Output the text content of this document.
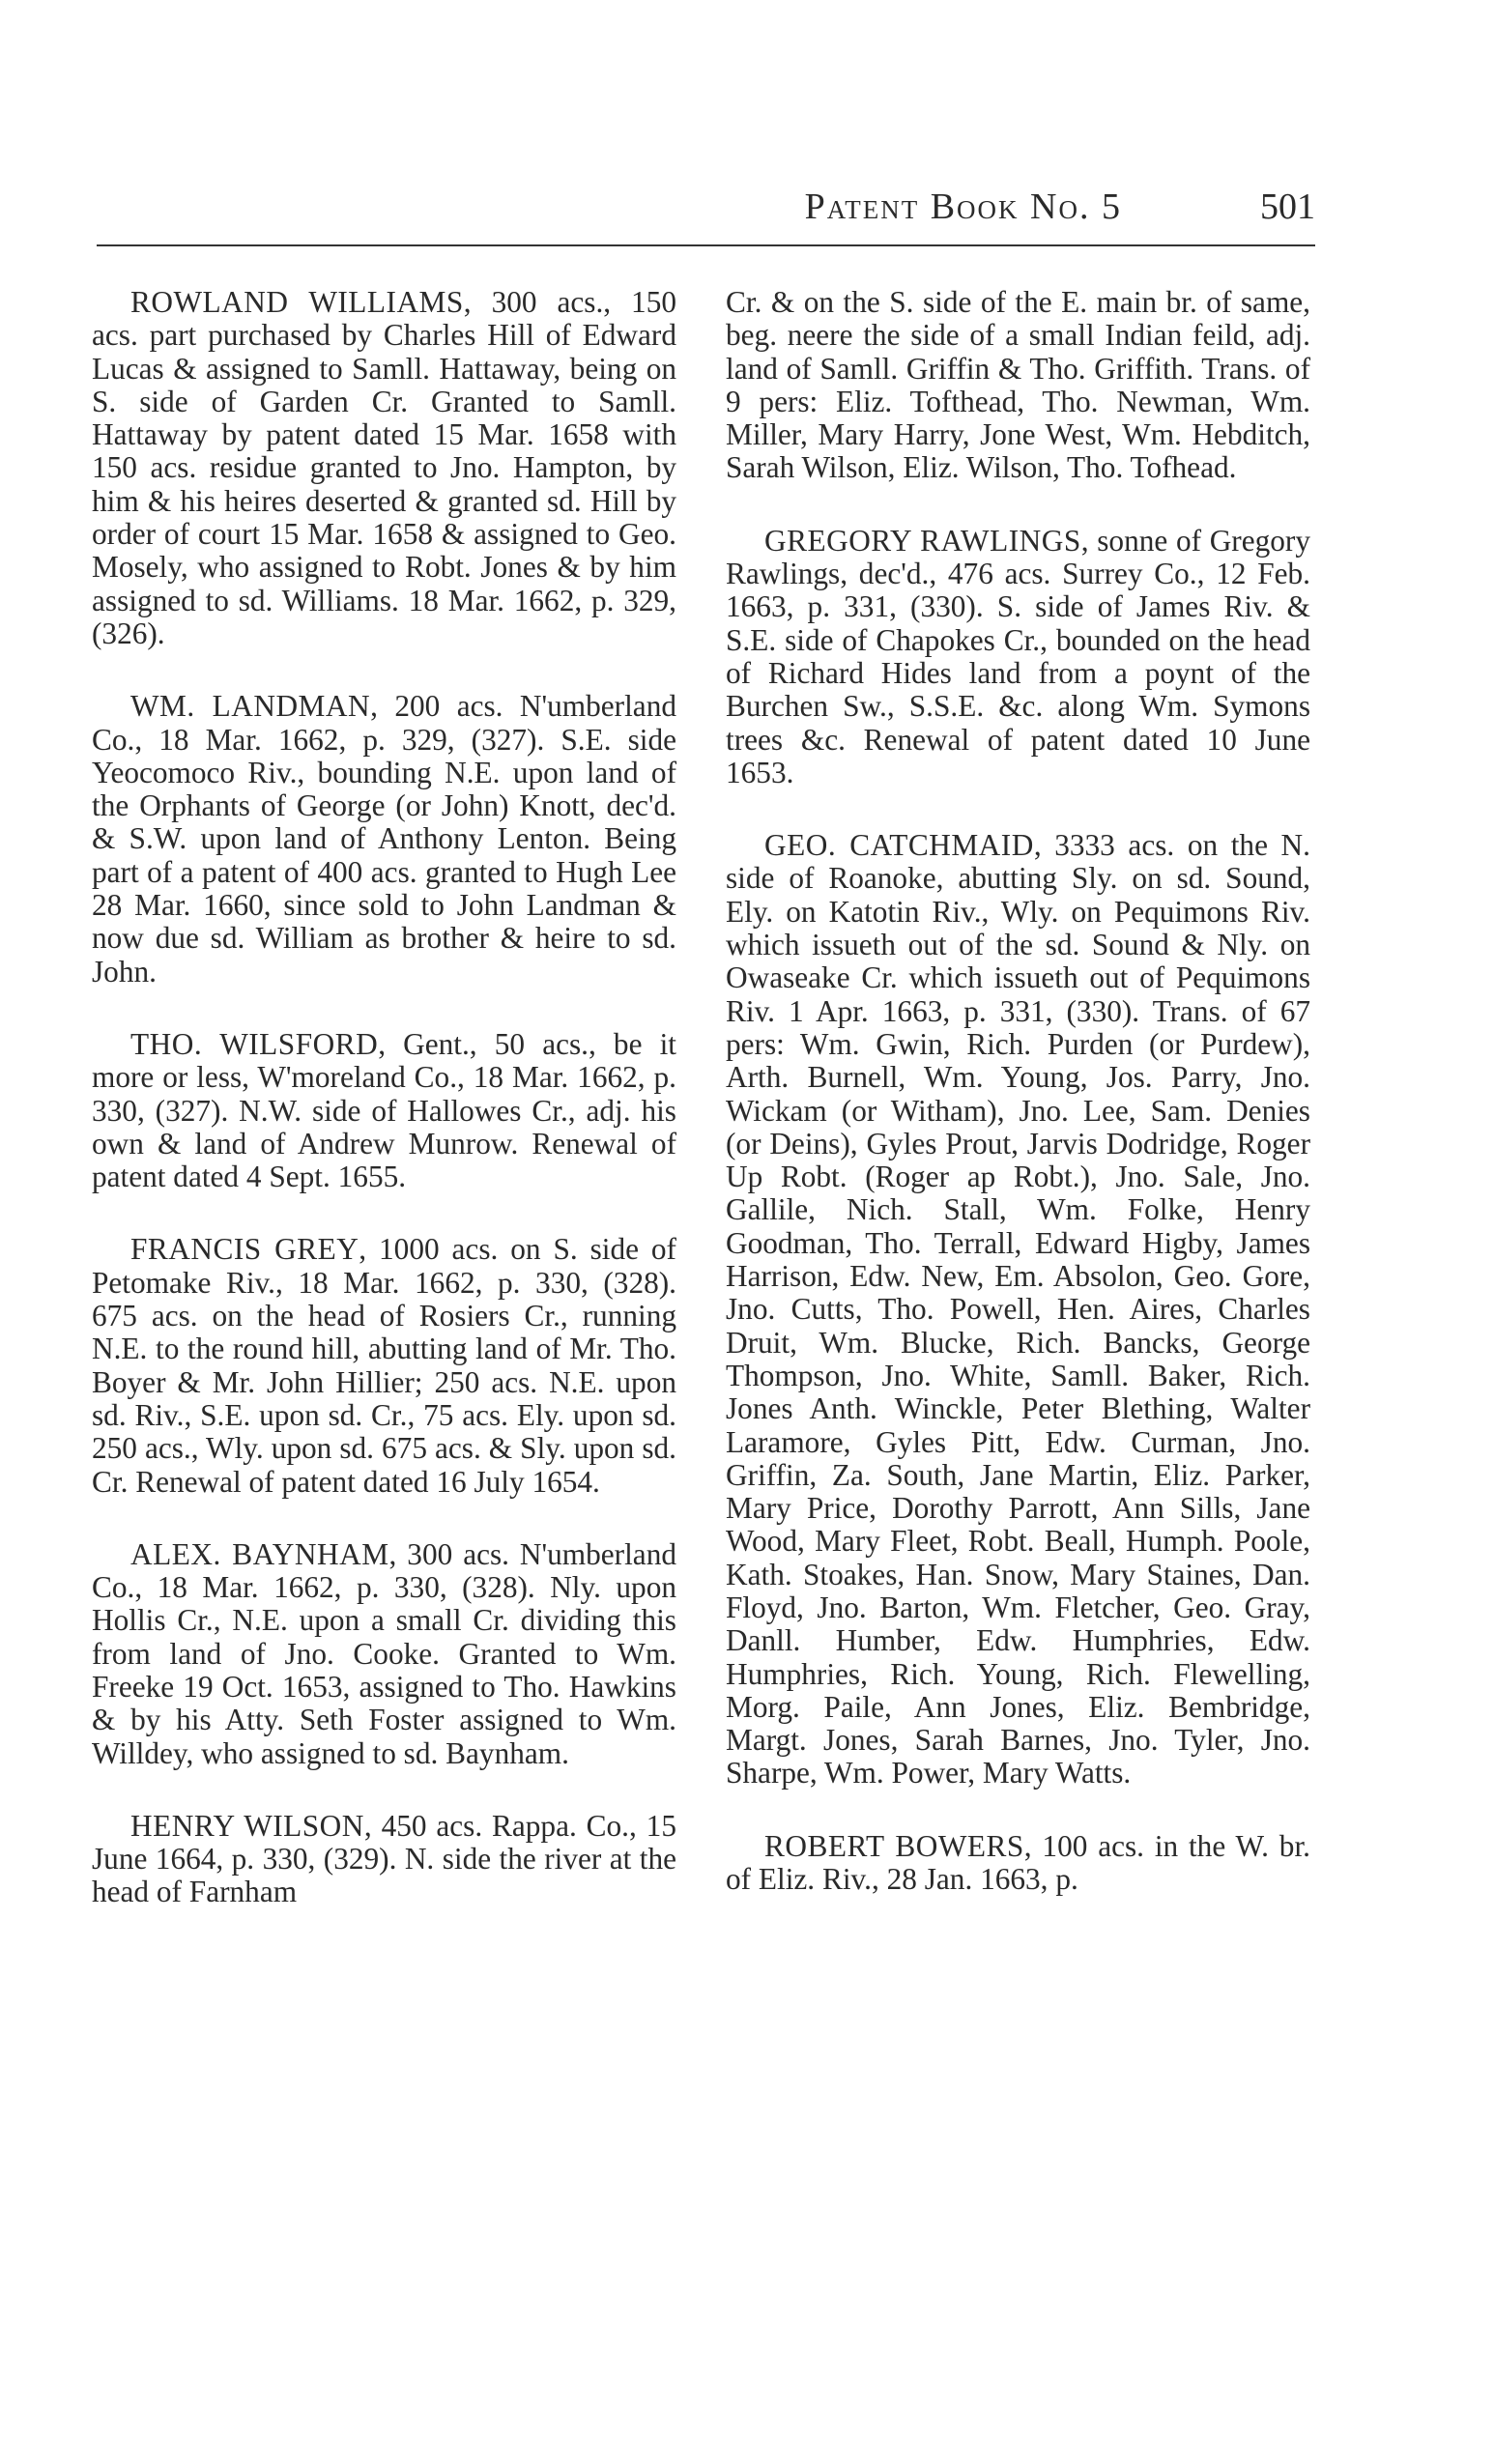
Patent Book No. 5	501

ROWLAND WILLIAMS, 300 acs., 150 acs. part purchased by Charles Hill of Edward Lucas & assigned to Samll. Hattaway, being on S. side of Garden Cr. Granted to Samll. Hattaway by patent dated 15 Mar. 1658 with 150 acs. residue granted to Jno. Hampton, by him & his heires deserted & granted sd. Hill by order of court 15 Mar. 1658 & assigned to Geo. Mosely, who assigned to Robt. Jones & by him assigned to sd. Williams. 18 Mar. 1662, p. 329, (326).

WM. LANDMAN, 200 acs. N'umberland Co., 18 Mar. 1662, p. 329, (327). S.E. side Yeocomoco Riv., bounding N.E. upon land of the Orphants of George (or John) Knott, dec'd. & S.W. upon land of Anthony Lenton. Being part of a patent of 400 acs. granted to Hugh Lee 28 Mar. 1660, since sold to John Landman & now due sd. William as brother & heire to sd. John.

THO. WILSFORD, Gent., 50 acs., be it more or less, W'moreland Co., 18 Mar. 1662, p. 330, (327). N.W. side of Hallowes Cr., adj. his own & land of Andrew Munrow. Renewal of patent dated 4 Sept. 1655.

FRANCIS GREY, 1000 acs. on S. side of Petomake Riv., 18 Mar. 1662, p. 330, (328). 675 acs. on the head of Rosiers Cr., running N.E. to the round hill, abutting land of Mr. Tho. Boyer & Mr. John Hillier; 250 acs. N.E. upon sd. Riv., S.E. upon sd. Cr., 75 acs. Ely. upon sd. 250 acs., Wly. upon sd. 675 acs. & Sly. upon sd. Cr. Renewal of patent dated 16 July 1654.

ALEX. BAYNHAM, 300 acs. N'umberland Co., 18 Mar. 1662, p. 330, (328). Nly. upon Hollis Cr., N.E. upon a small Cr. dividing this from land of Jno. Cooke. Granted to Wm. Freeke 19 Oct. 1653, assigned to Tho. Hawkins & by his Atty. Seth Foster assigned to Wm. Willdey, who assigned to sd. Baynham.

HENRY WILSON, 450 acs. Rappa. Co., 15 June 1664, p. 330, (329). N. side the river at the head of Farnham

Cr. & on the S. side of the E. main br. of same, beg. neere the side of a small Indian feild, adj. land of Samll. Griffin & Tho. Griffith. Trans. of 9 pers: Eliz. Tofthead, Tho. Newman, Wm. Miller, Mary Harry, Jone West, Wm. Hebditch, Sarah Wilson, Eliz. Wilson, Tho. Tofhead.

GREGORY RAWLINGS, sonne of Gregory Rawlings, dec'd., 476 acs. Surrey Co., 12 Feb. 1663, p. 331, (330). S. side of James Riv. & S.E. side of Chapokes Cr., bounded on the head of Richard Hides land from a poynt of the Burchen Sw., S.S.E. &c. along Wm. Symons trees &c. Renewal of patent dated 10 June 1653.

GEO. CATCHMAID, 3333 acs. on the N. side of Roanoke, abutting Sly. on sd. Sound, Ely. on Katotin Riv., Wly. on Pequimons Riv. which issueth out of the sd. Sound & Nly. on Owaseake Cr. which issueth out of Pequimons Riv. 1 Apr. 1663, p. 331, (330). Trans. of 67 pers: Wm. Gwin, Rich. Purden (or Purdew), Arth. Burnell, Wm. Young, Jos. Parry, Jno. Wickam (or Witham), Jno. Lee, Sam. Denies (or Deins), Gyles Prout, Jarvis Dodridge, Roger Up Robt. (Roger ap Robt.), Jno. Sale, Jno. Gallile, Nich. Stall, Wm. Folke, Henry Goodman, Tho. Terrall, Edward Higby, James Harrison, Edw. New, Em. Absolon, Geo. Gore, Jno. Cutts, Tho. Powell, Hen. Aires, Charles Druit, Wm. Blucke, Rich. Bancks, George Thompson, Jno. White, Samll. Baker, Rich. Jones Anth. Winckle, Peter Blething, Walter Laramore, Gyles Pitt, Edw. Curman, Jno. Griffin, Za. South, Jane Martin, Eliz. Parker, Mary Price, Dorothy Parrott, Ann Sills, Jane Wood, Mary Fleet, Robt. Beall, Humph. Poole, Kath. Stoakes, Han. Snow, Mary Staines, Dan. Floyd, Jno. Barton, Wm. Fletcher, Geo. Gray, Danll. Humber, Edw. Humphries, Edw. Humphries, Rich. Young, Rich. Flewelling, Morg. Paile, Ann Jones, Eliz. Bembridge, Margt. Jones, Sarah Barnes, Jno. Tyler, Jno. Sharpe, Wm. Power, Mary Watts.

ROBERT BOWERS, 100 acs. in the W. br. of Eliz. Riv., 28 Jan. 1663, p.
